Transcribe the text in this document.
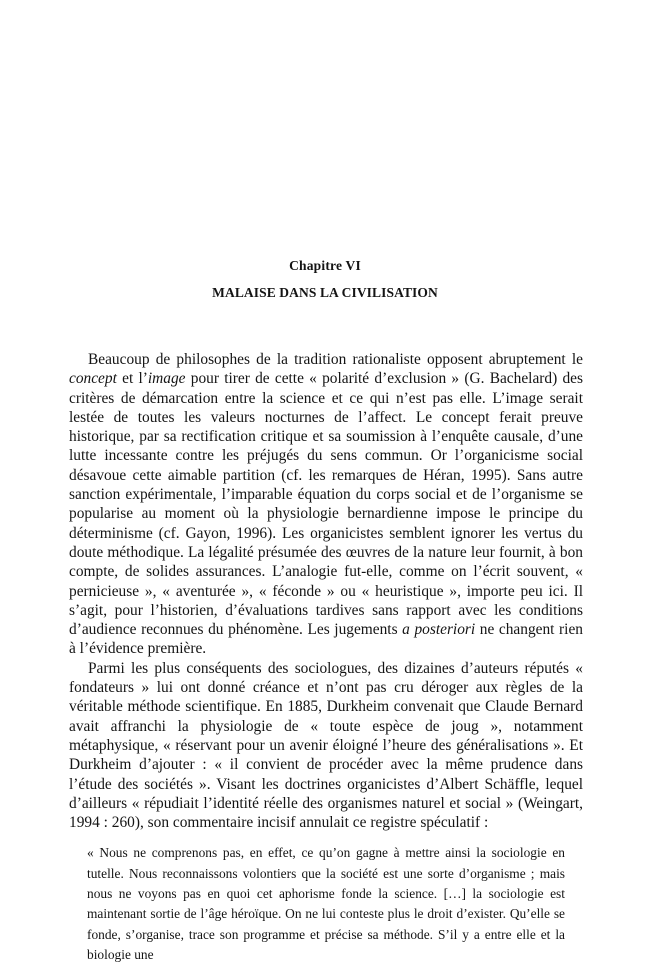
Chapitre VI
MALAISE DANS LA CIVILISATION

Beaucoup de philosophes de la tradition rationaliste opposent abruptement le concept et l’image pour tirer de cette « polarité d’exclusion » (G. Bachelard) des critères de démarcation entre la science et ce qui n’est pas elle. L’image serait lestée de toutes les valeurs nocturnes de l’affect. Le concept ferait preuve historique, par sa rectification critique et sa soumission à l’enquête causale, d’une lutte incessante contre les préjugés du sens commun. Or l’organicisme social désavoue cette aimable partition (cf. les remarques de Héran, 1995). Sans autre sanction expérimentale, l’imparable équation du corps social et de l’organisme se popularise au moment où la physiologie bernardienne impose le principe du déterminisme (cf. Gayon, 1996). Les organicistes semblent ignorer les vertus du doute méthodique. La légalité présumée des œuvres de la nature leur fournit, à bon compte, de solides assurances. L’analogie fut-elle, comme on l’écrit souvent, « pernicieuse », « aventurée », « féconde » ou « heuristique », importe peu ici. Il s’agit, pour l’historien, d’évaluations tardives sans rapport avec les conditions d’audience reconnues du phénomène. Les jugements a posteriori ne changent rien à l’évidence première.

Parmi les plus conséquents des sociologues, des dizaines d’auteurs réputés « fondateurs » lui ont donné créance et n’ont pas cru déroger aux règles de la véritable méthode scientifique. En 1885, Durkheim convenait que Claude Bernard avait affranchi la physiologie de « toute espèce de joug », notamment métaphysique, « réservant pour un avenir éloigné l’heure des généralisations ». Et Durkheim d’ajouter : « il convient de procéder avec la même prudence dans l’étude des sociétés ». Visant les doctrines organicistes d’Albert Schäffle, lequel d’ailleurs « répudiait l’identité réelle des organismes naturel et social » (Weingart, 1994 : 260), son commentaire incisif annulait ce registre spéculatif :

« Nous ne comprenons pas, en effet, ce qu’on gagne à mettre ainsi la sociologie en tutelle. Nous reconnaissons volontiers que la société est une sorte d’organisme ; mais nous ne voyons pas en quoi cet aphorisme fonde la science. […] la sociologie est maintenant sortie de l’âge héroïque. On ne lui conteste plus le droit d’exister. Qu’elle se fonde, s’organise, trace son programme et précise sa méthode. S’il y a entre elle et la biologie une
